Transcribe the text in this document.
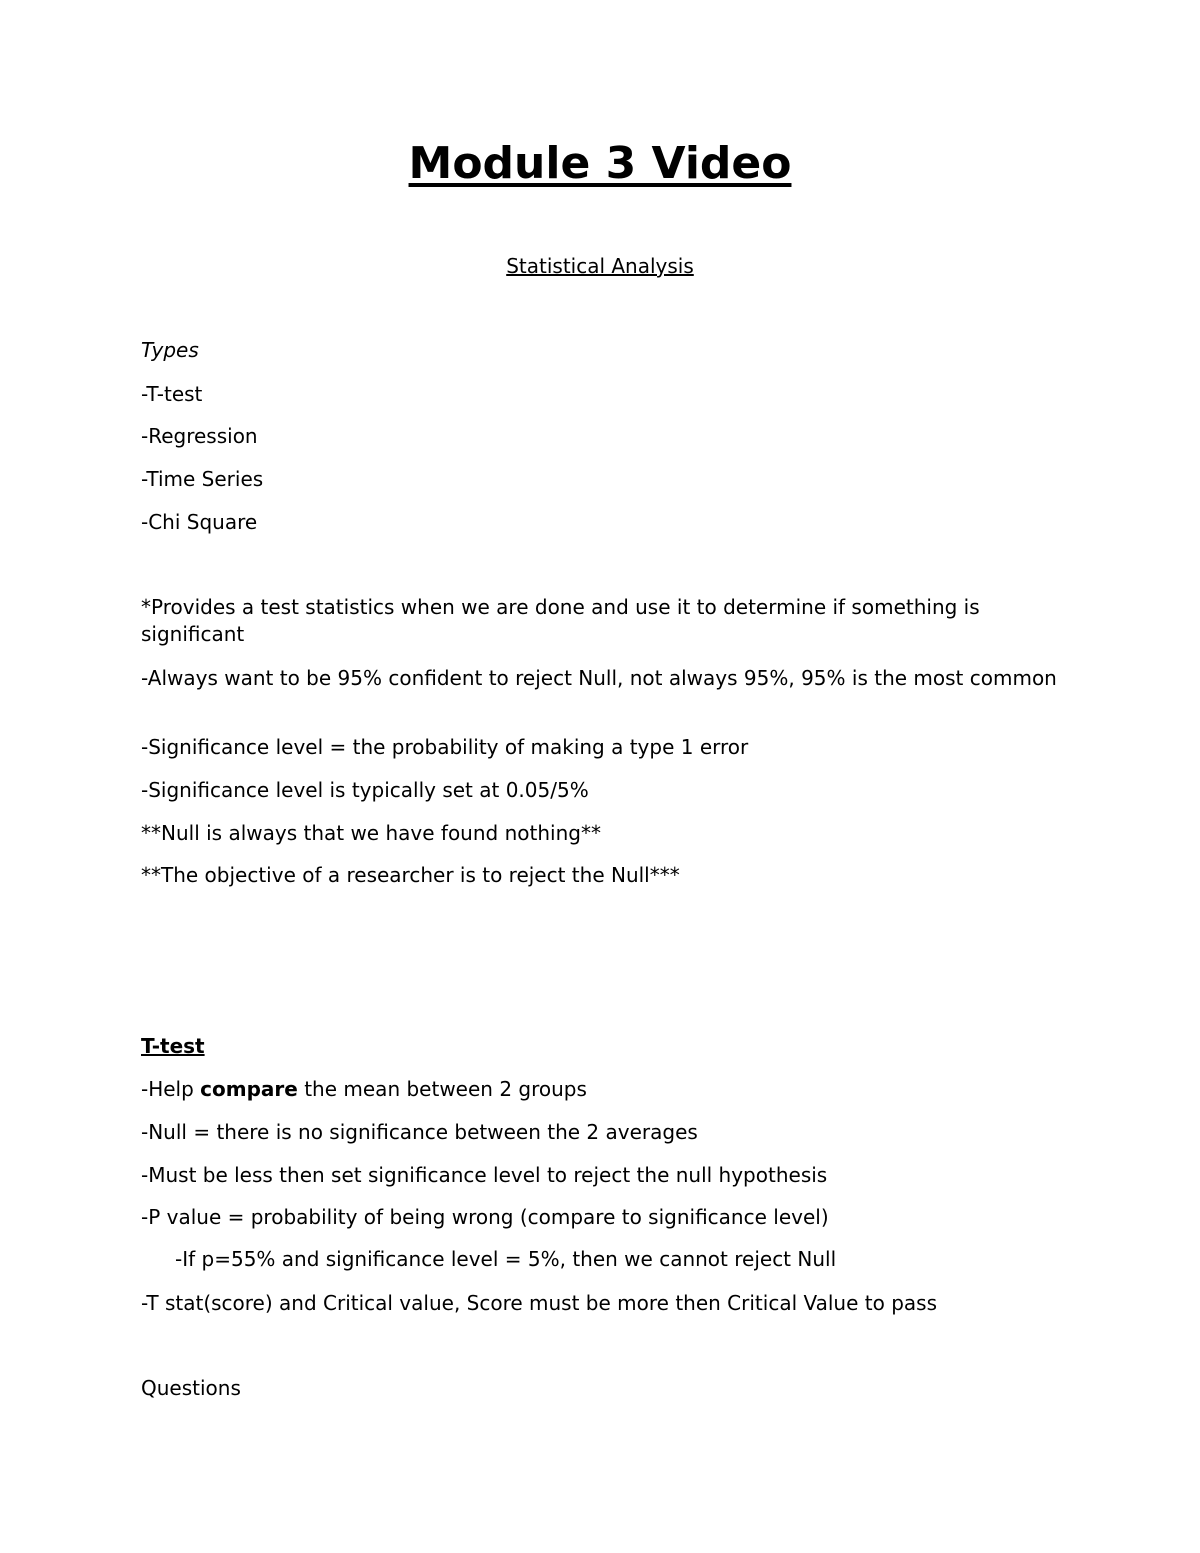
Module 3 Video

Statistical Analysis

Types

-T-test

-Regression

-Time Series

-Chi Square

*Provides a test statistics when we are done and use it to determine if something is significant

-Always want to be 95% confident to reject Null, not always 95%, 95% is the most common

-Significance level = the probability of making a type 1 error

-Significance level is typically set at 0.05/5%

**Null is always that we have found nothing**

**The objective of a researcher is to reject the Null***

T-test

-Help compare the mean between 2 groups

-Null = there is no significance between the 2 averages

-Must be less then set significance level to reject the null hypothesis

-P value = probability of being wrong (compare to significance level)

-If p=55% and significance level = 5%, then we cannot reject Null

-T stat(score) and Critical value, Score must be more then Critical Value to pass

Questions
